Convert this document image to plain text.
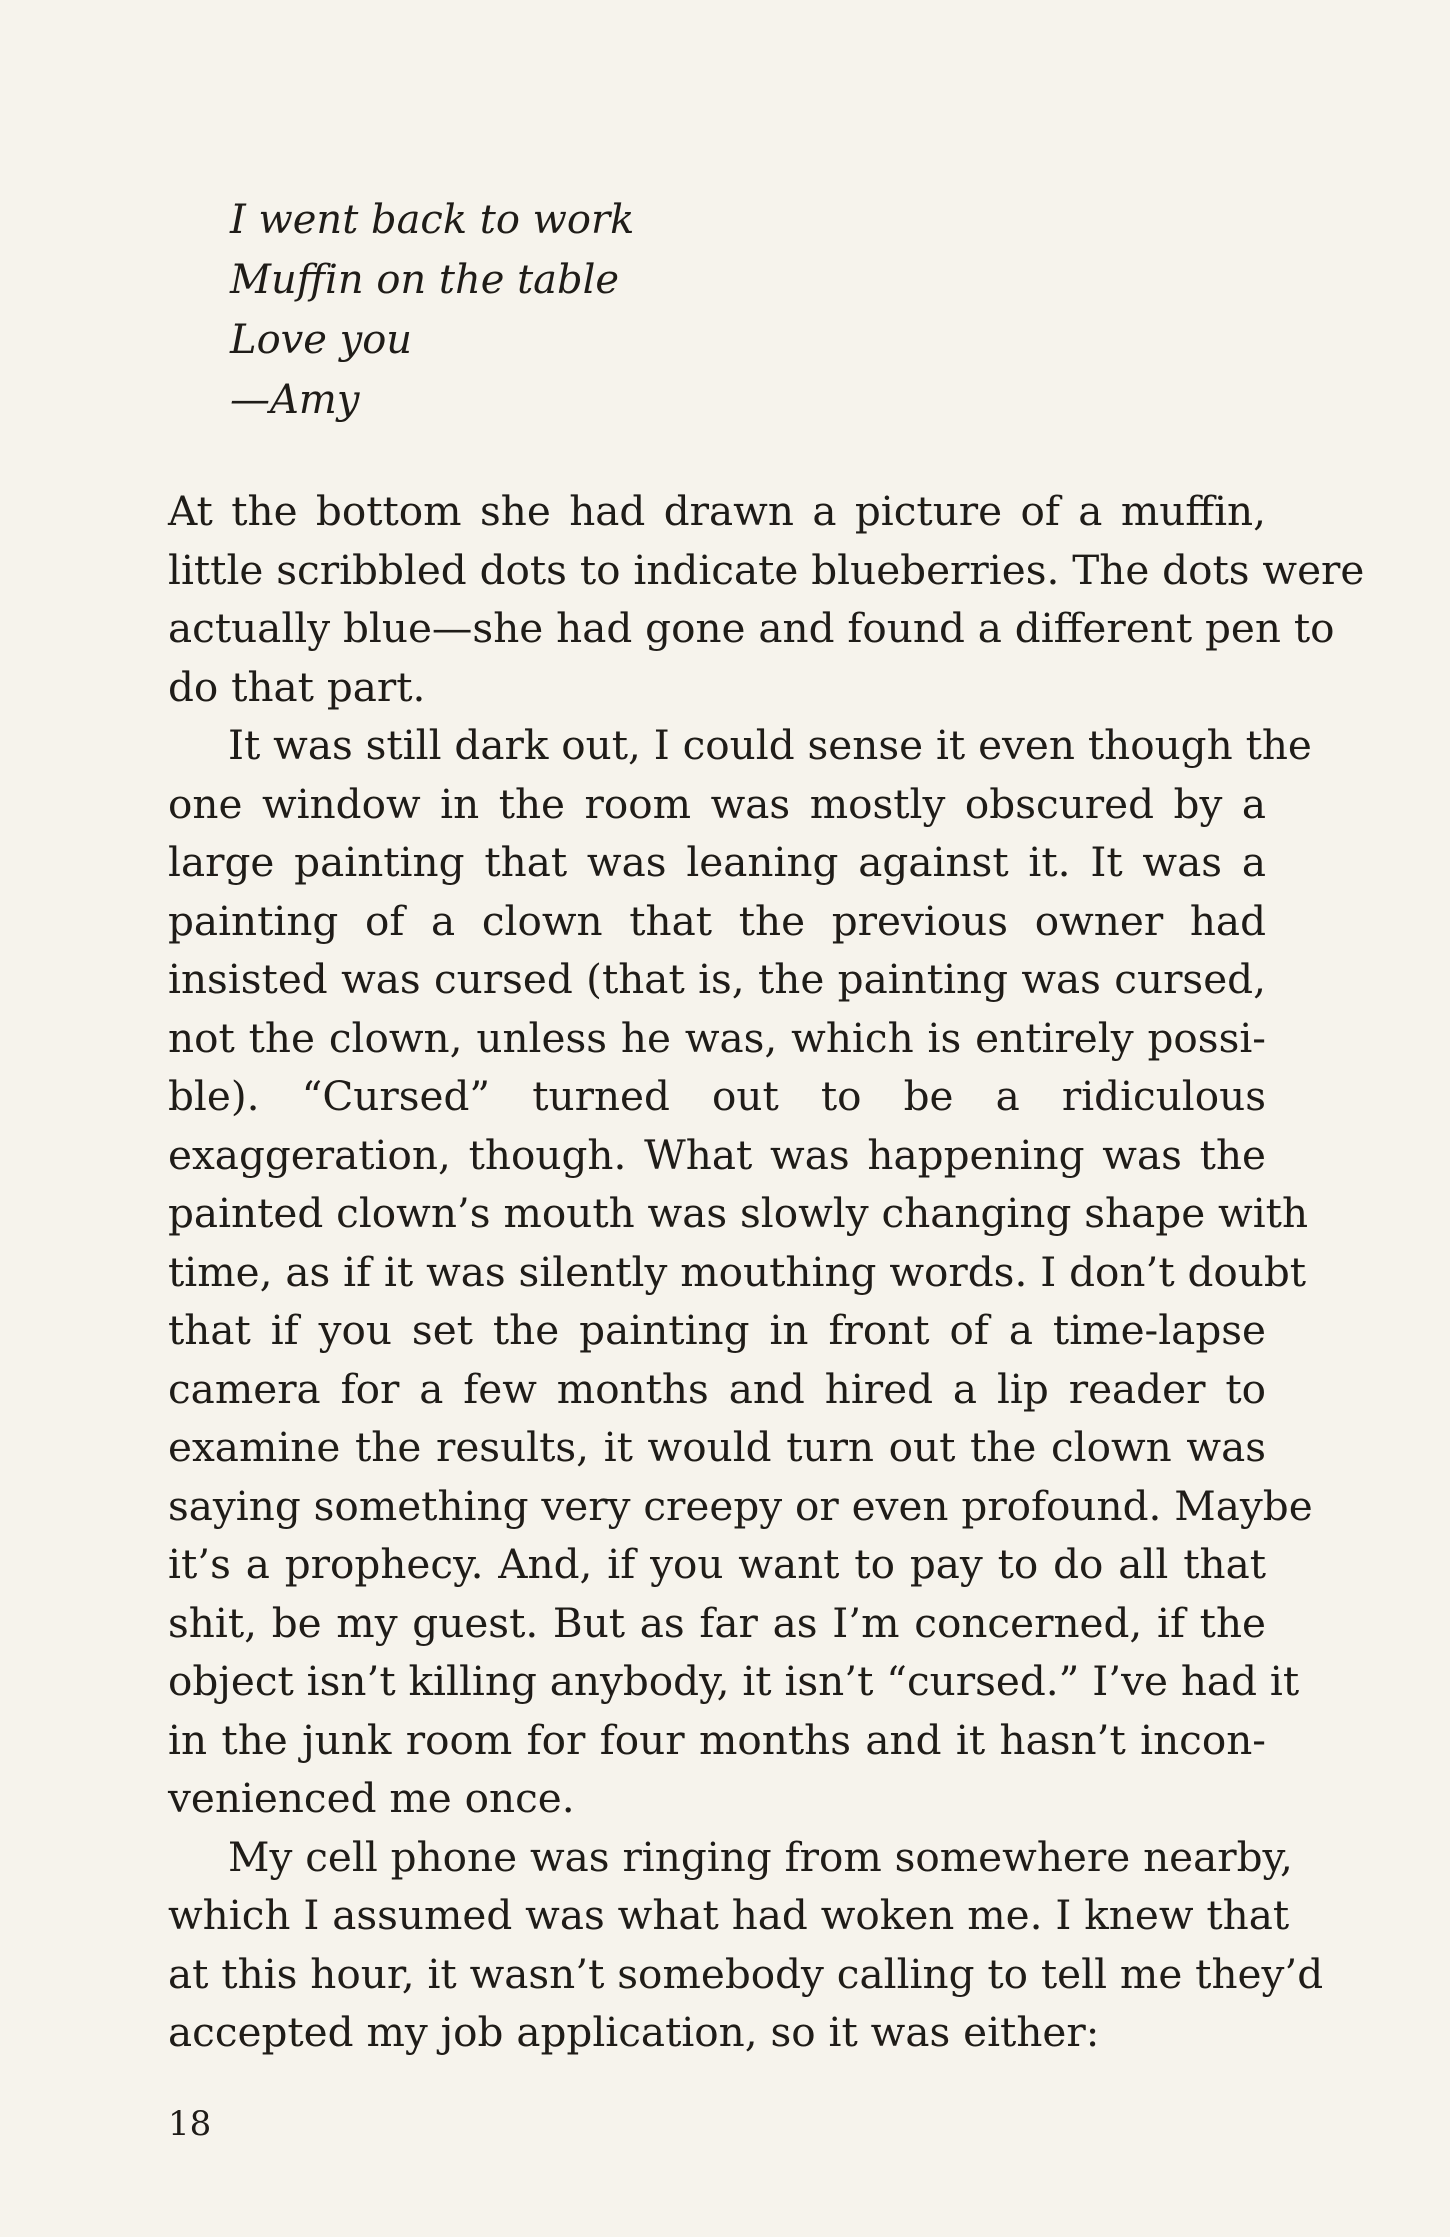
I went back to work
Muffin on the table
Love you
—Amy
At the bottom she had drawn a picture of a muffin,
little scribbled dots to indicate blueberries. The dots were
actually blue—she had gone and found a different pen to
do that part.
It was still dark out, I could sense it even though the
one window in the room was mostly obscured by a
large painting that was leaning against it. It was a
painting of a clown that the previous owner had
insisted was cursed (that is, the painting was cursed,
not the clown, unless he was, which is entirely possi-
ble). “Cursed” turned out to be a ridiculous
exaggeration, though. What was happening was the
painted clown’s mouth was slowly changing shape with
time, as if it was silently mouthing words. I don’t doubt
that if you set the painting in front of a time-lapse
camera for a few months and hired a lip reader to
examine the results, it would turn out the clown was
saying something very creepy or even profound. Maybe
it’s a prophecy. And, if you want to pay to do all that
shit, be my guest. But as far as I’m concerned, if the
object isn’t killing anybody, it isn’t “cursed.” I’ve had it
in the junk room for four months and it hasn’t incon-
venienced me once.
My cell phone was ringing from somewhere nearby,
which I assumed was what had woken me. I knew that
at this hour, it wasn’t somebody calling to tell me they’d
accepted my job application, so it was either:
18
